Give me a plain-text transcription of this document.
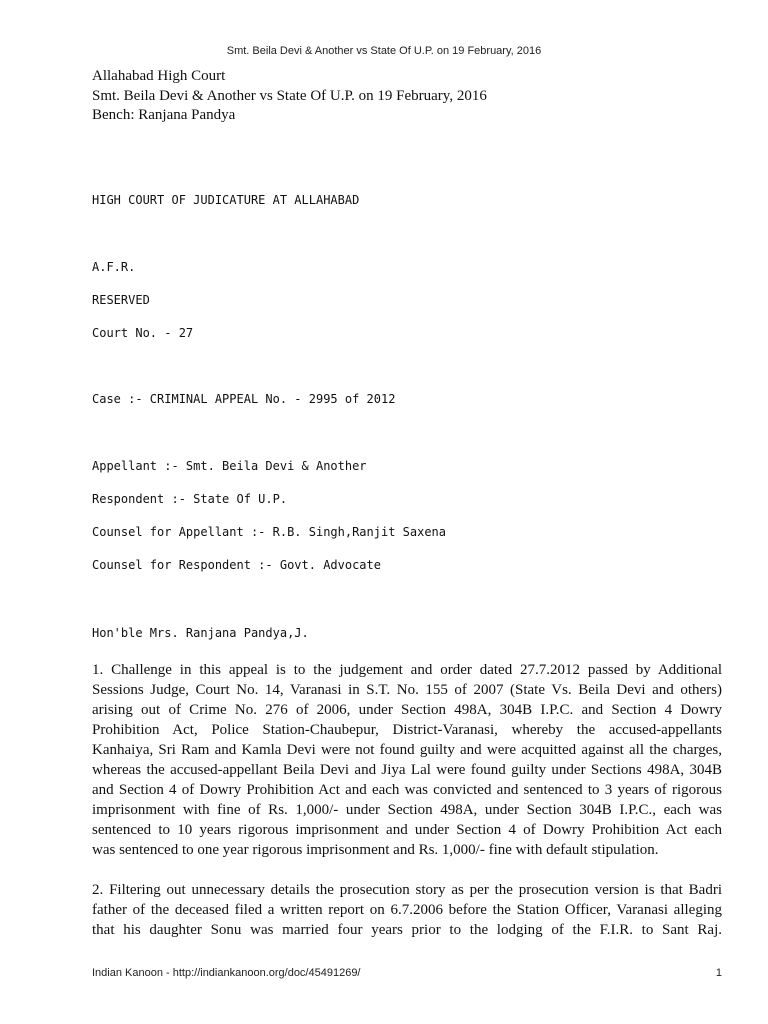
Smt. Beila Devi & Another vs State Of U.P. on 19 February, 2016
Allahabad High Court
Smt. Beila Devi & Another vs State Of U.P. on 19 February, 2016
Bench: Ranjana Pandya
HIGH COURT OF JUDICATURE AT ALLAHABAD
A.F.R.
RESERVED
Court No. - 27
Case :- CRIMINAL APPEAL No. - 2995 of 2012
Appellant :- Smt. Beila Devi & Another
Respondent :- State Of U.P.
Counsel for Appellant :- R.B. Singh,Ranjit Saxena
Counsel for Respondent :- Govt. Advocate
Hon'ble Mrs. Ranjana Pandya,J.
1. Challenge in this appeal is to the judgement and order dated 27.7.2012 passed by Additional
Sessions Judge, Court No. 14, Varanasi in S.T. No. 155 of 2007 (State Vs. Beila Devi and others)
arising out of Crime No. 276 of 2006, under Section 498A, 304B I.P.C. and Section 4 Dowry
Prohibition Act, Police Station-Chaubepur, District-Varanasi, whereby the accused-appellants
Kanhaiya, Sri Ram and Kamla Devi were not found guilty and were acquitted against all the charges,
whereas the accused-appellant Beila Devi and Jiya Lal were found guilty under Sections 498A, 304B
and Section 4 of Dowry Prohibition Act and each was convicted and sentenced to 3 years of rigorous
imprisonment with fine of Rs. 1,000/- under Section 498A, under Section 304B I.P.C., each was
sentenced to 10 years rigorous imprisonment and under Section 4 of Dowry Prohibition Act each
was sentenced to one year rigorous imprisonment and Rs. 1,000/- fine with default stipulation.
2. Filtering out unnecessary details the prosecution story as per the prosecution version is that Badri
father of the deceased filed a written report on 6.7.2006 before the Station Officer, Varanasi alleging
that his daughter Sonu was married four years prior to the lodging of the F.I.R. to Sant Raj.
Indian Kanoon - http://indiankanoon.org/doc/45491269/	1
